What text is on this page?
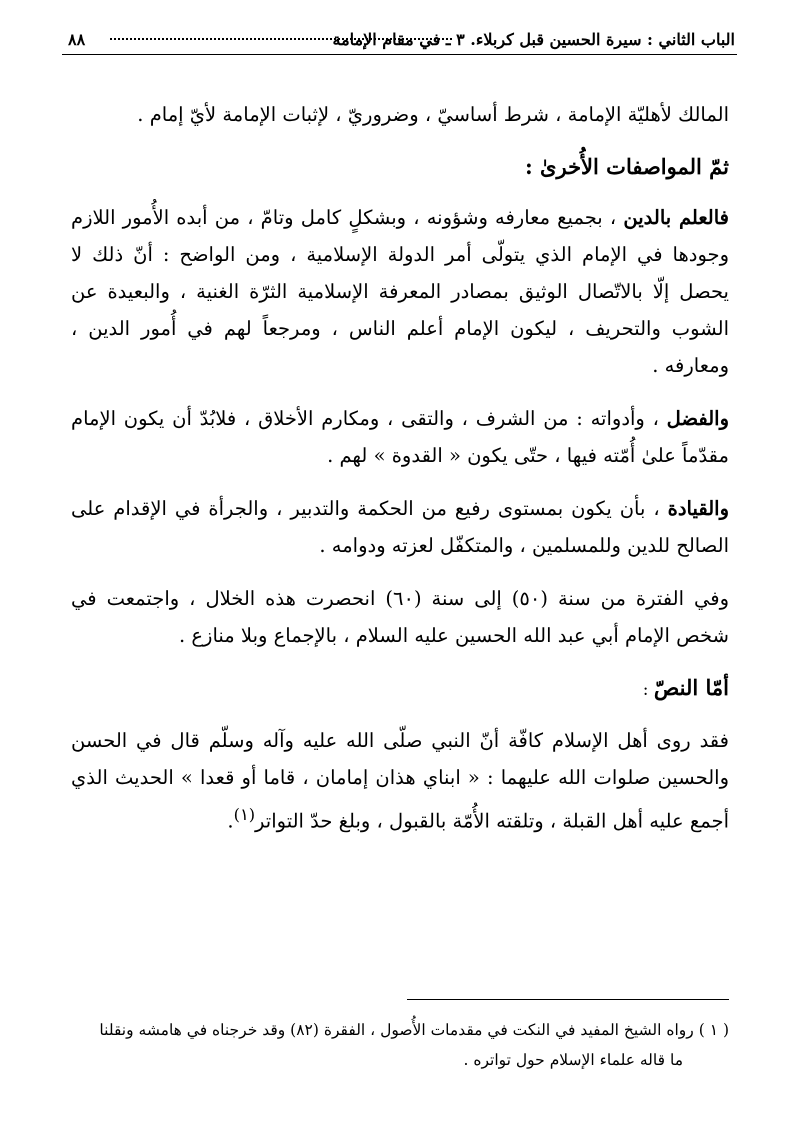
الباب الثاني : سيرة الحسين قبل كربلاء. ٣ ـ في مقام الإمامة
٨٨

المالك لأهليّة الإمامة ، شرط أساسيّ ، وضروريّ ، لإثبات الإمامة لأيّ إمام .

ثمّ المواصفات الأُخرىٰ :

فالعلم بالدين ، بجميع معارفه وشؤونه ، وبشكلٍ كامل وتامّ ، من أبده الأُمور اللازم وجودها في الإمام الذي يتولّى أمر الدولة الإسلامية ، ومن الواضح : أنّ ذلك لا يحصل إلّا بالاتّصال الوثيق بمصادر المعرفة الإسلامية الثرّة الغنية ، والبعيدة عن الشوب والتحريف ، ليكون الإمام أعلم الناس ، ومرجعاً لهم في أُمور الدين ، ومعارفه .

والفضل ، وأدواته : من الشرف ، والتقى ، ومكارم الأخلاق ، فلابُدّ أن يكون الإمام مقدّماً علىٰ أُمّته فيها ، حتّى يكون « القدوة » لهم .

والقيادة ، بأن يكون بمستوى رفيع من الحكمة والتدبير ، والجرأة في الإقدام على الصالح للدين وللمسلمين ، والمتكفّل لعزته ودوامه .

وفي الفترة من سنة (٥٠) إلى سنة (٦٠) انحصرت هذه الخلال ، واجتمعت في شخص الإمام أبي عبد الله الحسين عليه السلام ، بالإجماع وبلا منازع .

أمّا النصّ :

فقد روى أهل الإسلام كافّة أنّ النبي صلّى الله عليه وآله وسلّم قال في الحسن والحسين صلوات الله عليهما : « ابناي هذان إمامان ، قاما أو قعدا » الحديث الذي أجمع عليه أهل القبلة ، وتلقته الأُمّة بالقبول ، وبلغ حدّ التواتر$^{(١)}$.

( ١ ) رواه الشيخ المفيد في النكت في مقدمات الأُصول ، الفقرة (٨٢) وقد خرجناه في هامشه ونقلنا
ما قاله علماء الإسلام حول تواتره .
